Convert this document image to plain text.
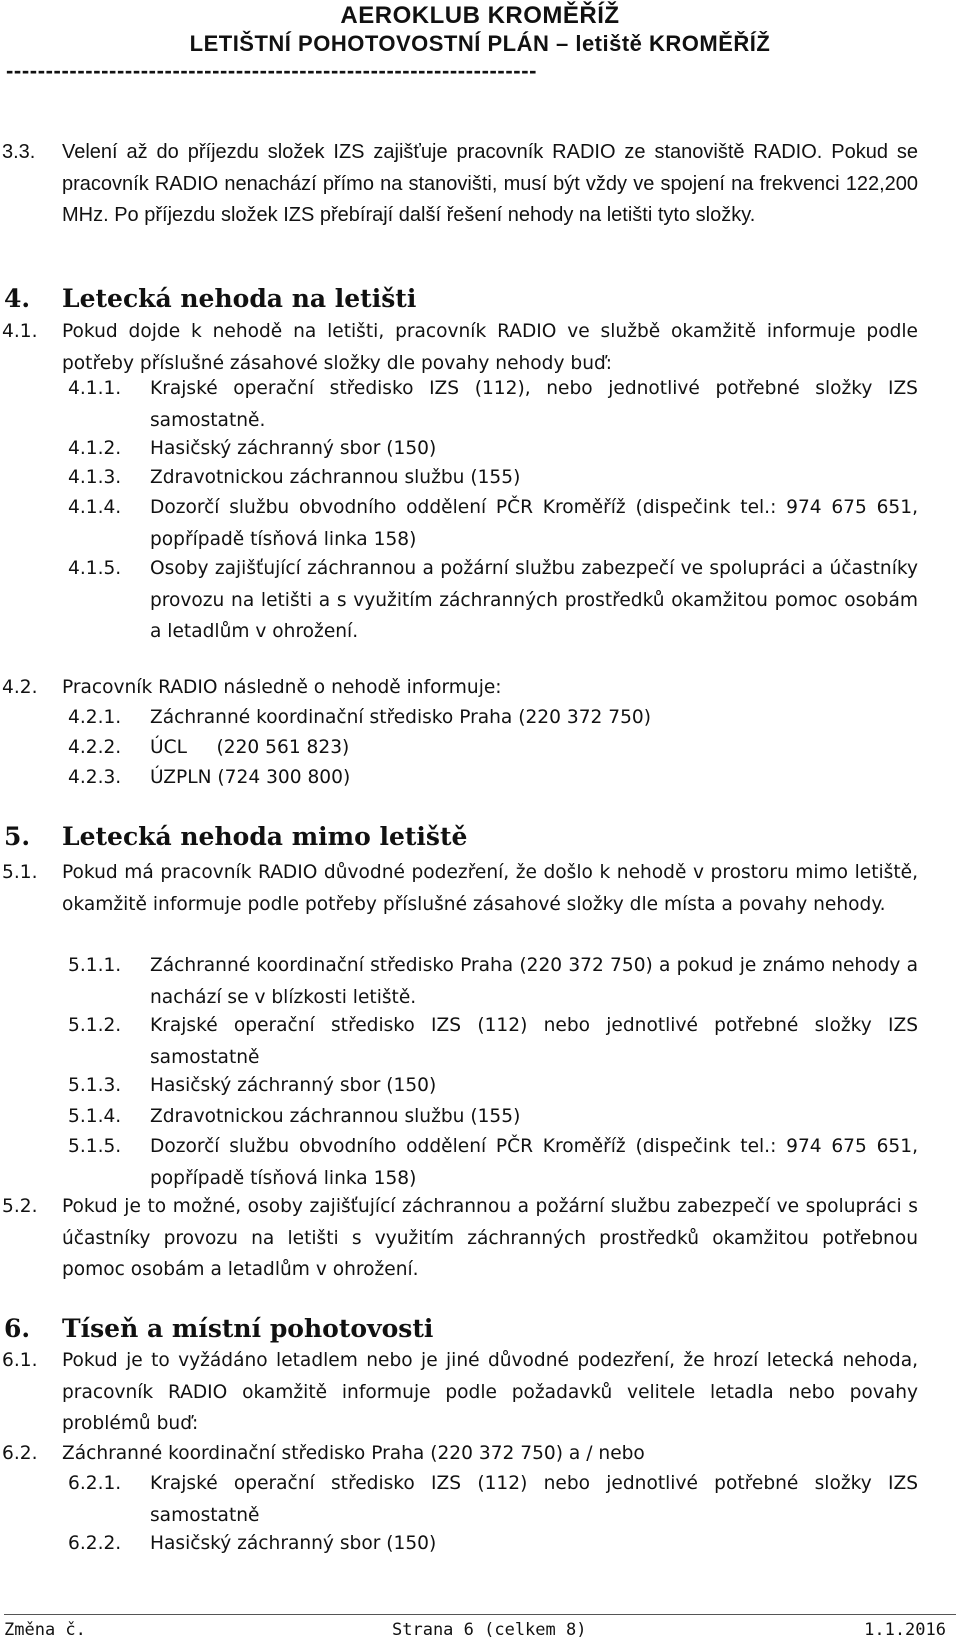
AEROKLUB KROMĚŘÍŽ
LETIŠTNÍ POHOTOVOSTNÍ PLÁN – letiště KROMĚŘÍŽ
-------------------------------------------------------------------
3.3. Velení až do příjezdu složek IZS zajišťuje pracovník RADIO ze stanoviště RADIO. Pokud se pracovník RADIO nenachází přímo na stanovišti, musí být vždy ve spojení na frekvenci 122,200 MHz. Po příjezdu složek IZS přebírají další řešení nehody na letišti tyto složky.
4. Letecká nehoda na letišti
4.1. Pokud dojde k nehodě na letišti, pracovník RADIO ve službě okamžitě informuje podle potřeby příslušné zásahové složky dle povahy nehody buď:
4.1.1. Krajské operační středisko IZS (112), nebo jednotlivé potřebné složky IZS samostatně.
4.1.2. Hasičský záchranný sbor (150)
4.1.3. Zdravotnickou záchrannou službu (155)
4.1.4. Dozorčí službu obvodního oddělení PČR Kroměříž (dispečink tel.: 974 675 651, popřípadě tísňová linka 158)
4.1.5. Osoby zajišťující záchrannou a požární službu zabezpečí ve spolupráci a účastníky provozu na letišti a s využitím záchranných prostředků okamžitou pomoc osobám a letadlům v ohrožení.
4.2. Pracovník RADIO následně o nehodě informuje:
4.2.1. Záchranné koordinační středisko Praha (220 372 750)
4.2.2. ÚCL     (220 561 823)
4.2.3. ÚZPLN (724 300 800)
5. Letecká nehoda mimo letiště
5.1. Pokud má pracovník RADIO důvodné podezření, že došlo k nehodě v prostoru mimo letiště, okamžitě informuje podle potřeby příslušné zásahové složky dle místa a povahy nehody.
5.1.1. Záchranné koordinační středisko Praha (220 372 750) a pokud je známo nehody a nachází se v blízkosti letiště.
5.1.2. Krajské operační středisko IZS (112) nebo jednotlivé potřebné složky IZS samostatně
5.1.3. Hasičský záchranný sbor (150)
5.1.4. Zdravotnickou záchrannou službu (155)
5.1.5. Dozorčí službu obvodního oddělení PČR Kroměříž (dispečink tel.: 974 675 651, popřípadě tísňová linka 158)
5.2. Pokud je to možné, osoby zajišťující záchrannou a požární službu zabezpečí ve spolupráci s účastníky provozu na letišti s využitím záchranných prostředků okamžitou potřebnou pomoc osobám a letadlům v ohrožení.
6. Tíseň a místní pohotovosti
6.1. Pokud je to vyžádáno letadlem nebo je jiné důvodné podezření, že hrozí letecká nehoda, pracovník RADIO okamžitě informuje podle požadavků velitele letadla nebo povahy problémů buď:
6.2. Záchranné koordinační středisko Praha (220 372 750) a / nebo
6.2.1. Krajské operační středisko IZS (112) nebo jednotlivé potřebné složky IZS samostatně
6.2.2. Hasičský záchranný sbor (150)
Změna č.	Strana 6 (celkem 8)	1.1.2016
